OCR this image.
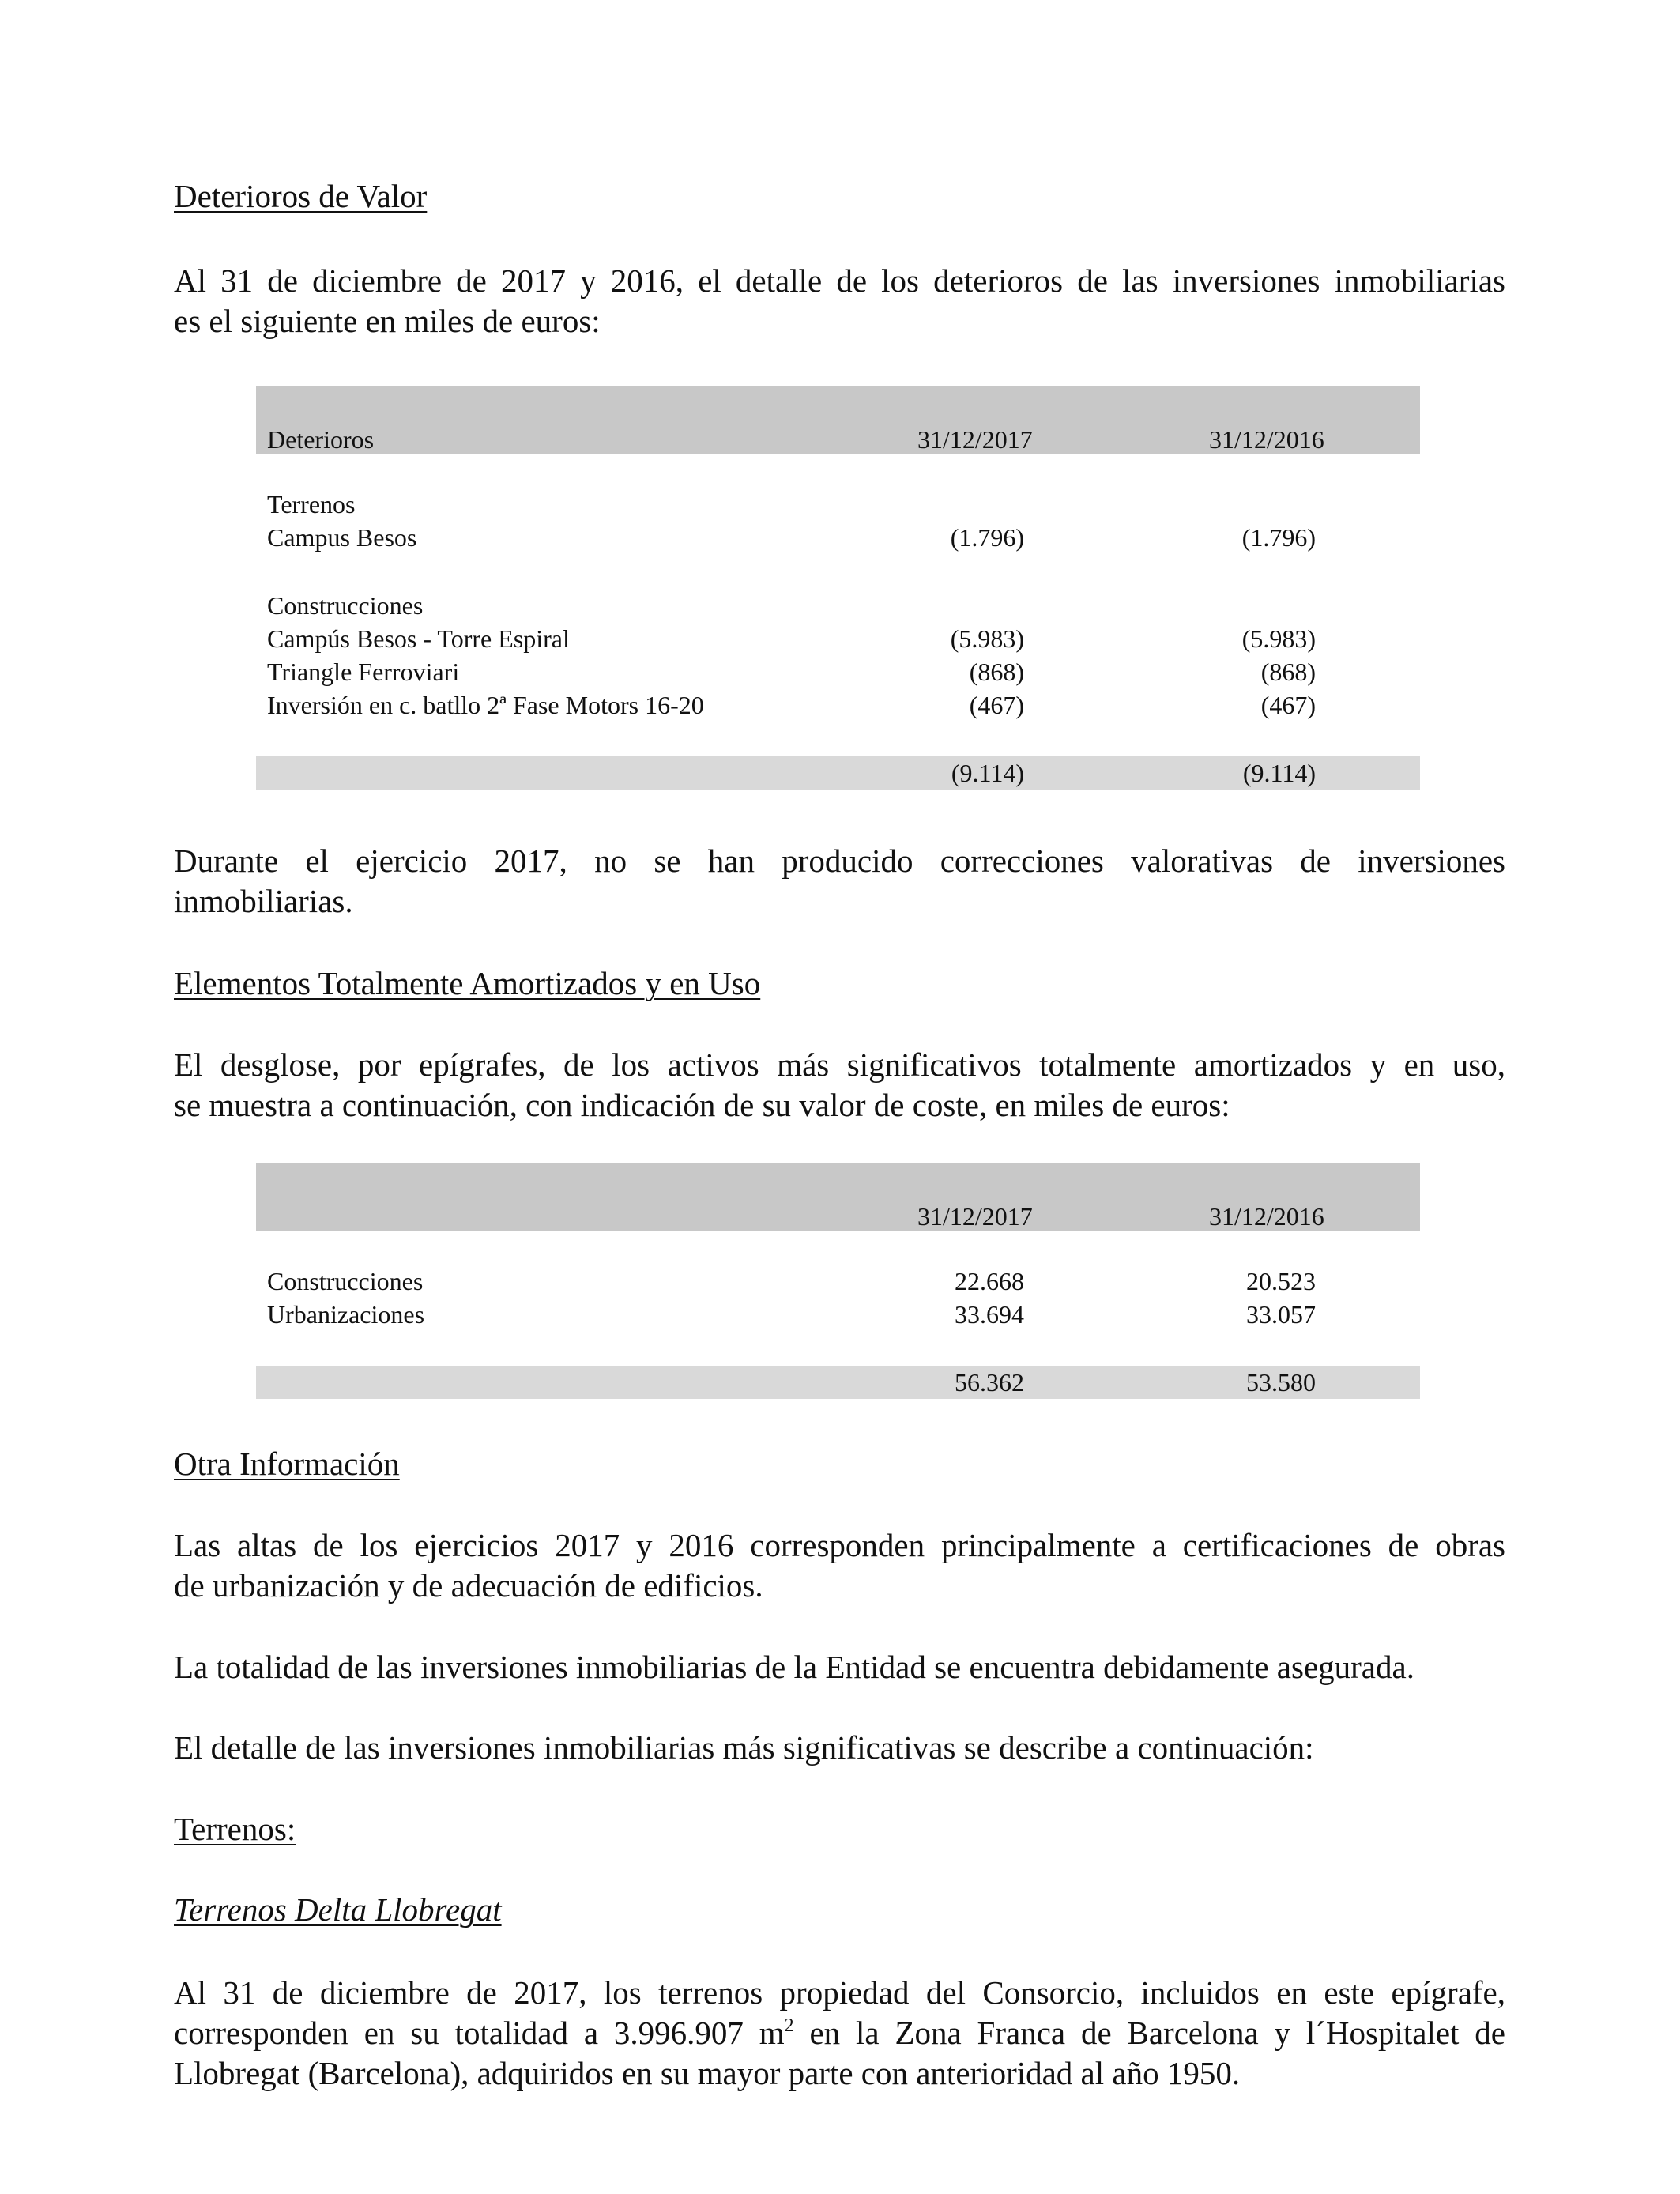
Deterioros de Valor
Al 31 de diciembre de 2017 y 2016, el detalle de los deterioros de las inversiones inmobiliarias
es el siguiente en miles de euros:
Deterioros	31/12/2017	31/12/2016
Terrenos
Campus Besos	(1.796)	(1.796)
Construcciones
Campús Besos - Torre Espiral	(5.983)	(5.983)
Triangle Ferroviari	(868)	(868)
Inversión en c. batllo 2ª Fase Motors 16-20	(467)	(467)
(9.114)	(9.114)
Durante el ejercicio 2017, no se han producido correcciones valorativas de inversiones
inmobiliarias.
Elementos Totalmente Amortizados y en Uso
El desglose, por epígrafes, de los activos más significativos totalmente amortizados y en uso,
se muestra a continuación, con indicación de su valor de coste, en miles de euros:
31/12/2017	31/12/2016
Construcciones	22.668	20.523
Urbanizaciones	33.694	33.057
56.362	53.580
Otra Información
Las altas de los ejercicios 2017 y 2016 corresponden principalmente a certificaciones de obras
de urbanización y de adecuación de edificios.
La totalidad de las inversiones inmobiliarias de la Entidad se encuentra debidamente asegurada.
El detalle de las inversiones inmobiliarias más significativas se describe a continuación:
Terrenos:
Terrenos Delta Llobregat
Al 31 de diciembre de 2017, los terrenos propiedad del Consorcio, incluidos en este epígrafe,
corresponden en su totalidad a 3.996.907 $m^2$ en la Zona Franca de Barcelona y l´Hospitalet de
Llobregat (Barcelona), adquiridos en su mayor parte con anterioridad al año 1950.
